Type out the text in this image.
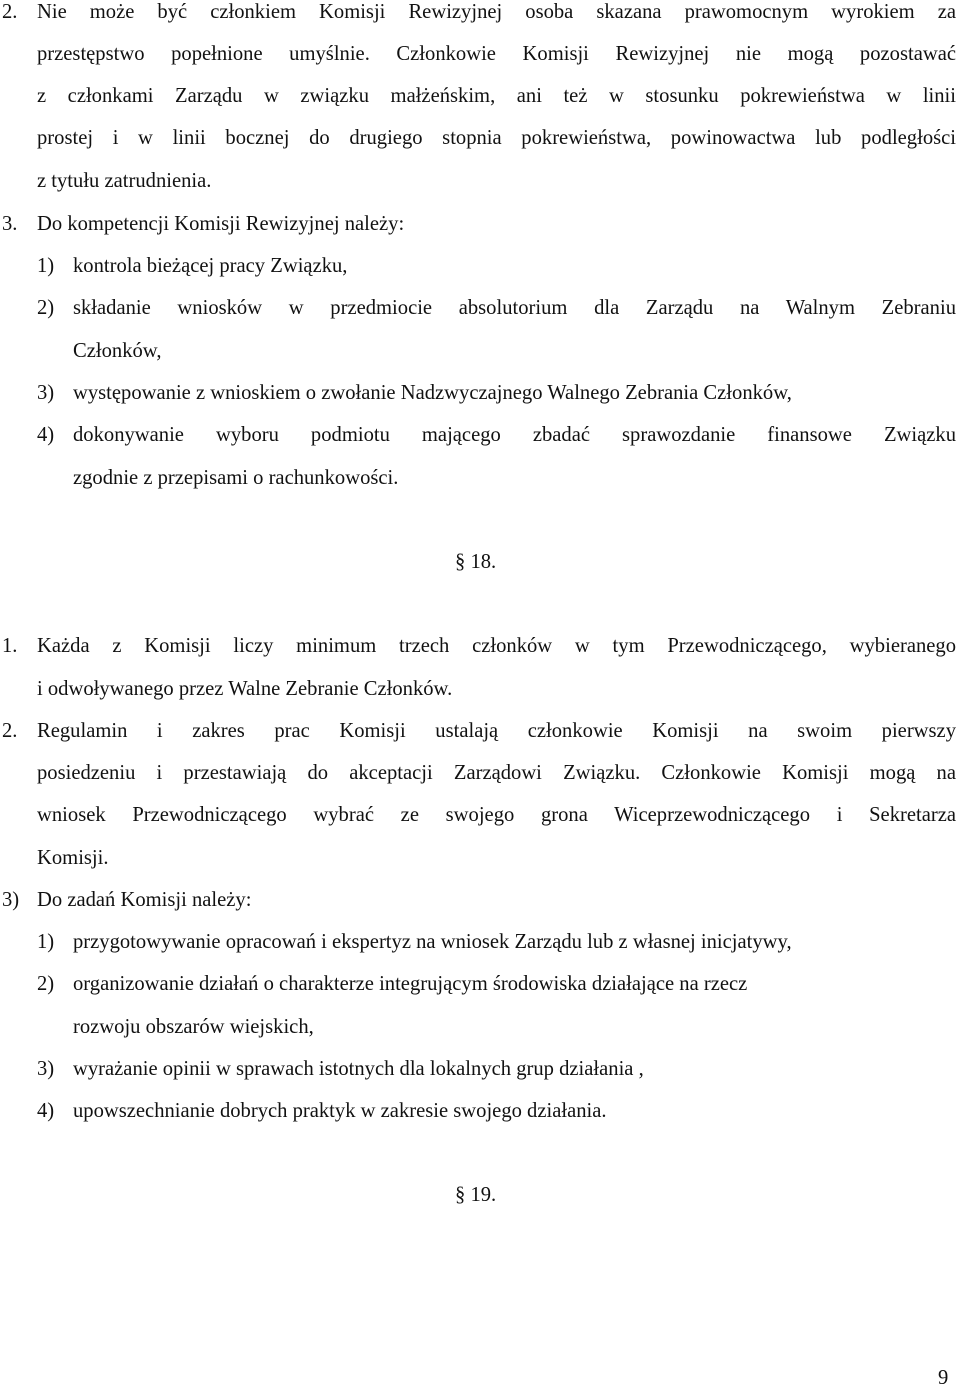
2. Nie może być członkiem Komisji Rewizyjnej osoba skazana prawomocnym wyrokiem za
przestępstwo popełnione umyślnie. Członkowie Komisji Rewizyjnej nie mogą pozostawać
z członkami Zarządu w związku małżeńskim, ani też w stosunku pokrewieństwa w linii
prostej i w linii bocznej do drugiego stopnia pokrewieństwa, powinowactwa lub podległości
z tytułu zatrudnienia.
3. Do kompetencji Komisji Rewizyjnej należy:
1) kontrola bieżącej pracy Związku,
2) składanie wniosków w przedmiocie absolutorium dla Zarządu na Walnym Zebraniu
Członków,
3) występowanie z wnioskiem o zwołanie Nadzwyczajnego Walnego Zebrania Członków,
4) dokonywanie wyboru podmiotu mającego zbadać sprawozdanie finansowe Związku
zgodnie z przepisami o rachunkowości.
§ 18.
1. Każda z Komisji liczy minimum trzech członków w tym Przewodniczącego, wybieranego
i odwoływanego przez Walne Zebranie Członków.
2. Regulamin i zakres prac Komisji ustalają członkowie Komisji na swoim pierwszy
posiedzeniu i przestawiają do akceptacji Zarządowi Związku. Członkowie Komisji mogą na
wniosek Przewodniczącego wybrać ze swojego grona Wiceprzewodniczącego i Sekretarza
Komisji.
3) Do zadań Komisji należy:
1) przygotowywanie opracowań i ekspertyz na wniosek Zarządu lub z własnej inicjatywy,
2) organizowanie działań o charakterze integrującym środowiska działające na rzecz
rozwoju obszarów wiejskich,
3) wyrażanie opinii w sprawach istotnych dla lokalnych grup działania ,
4) upowszechnianie dobrych praktyk w zakresie swojego działania.
§ 19.
9
